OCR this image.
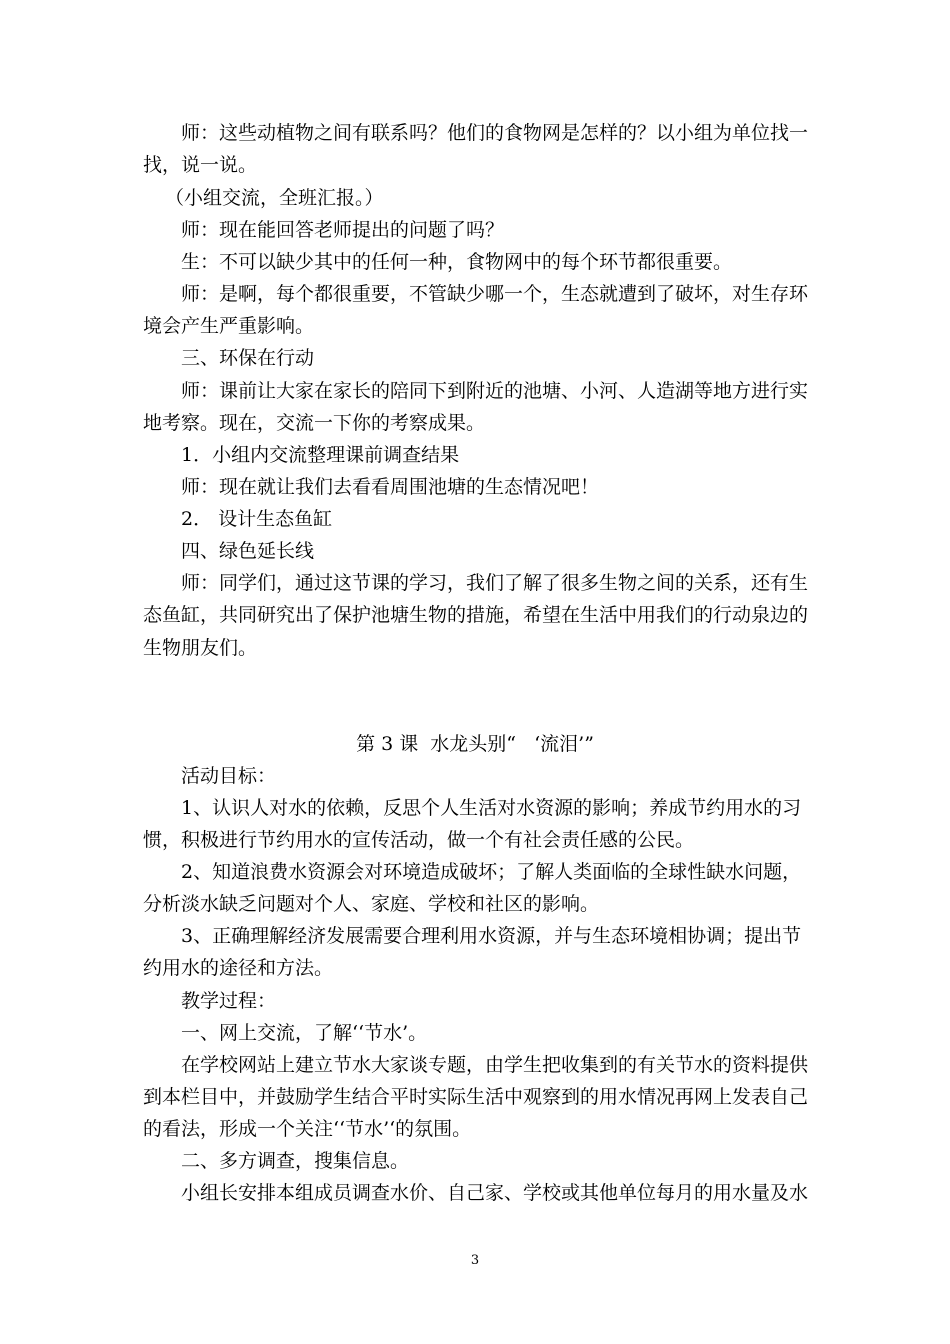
师：这些动植物之间有联系吗？他们的食物网是怎样的？以小组为单位找一
找，说一说。
（小组交流，全班汇报。）
师：现在能回答老师提出的问题了吗？
生：不可以缺少其中的任何一种，食物网中的每个环节都很重要。
师：是啊，每个都很重要，不管缺少哪一个，生态就遭到了破坏，对生存环
境会产生严重影响。
三、环保在行动
师：课前让大家在家长的陪同下到附近的池塘、小河、人造湖等地方进行实
地考察。现在，交流一下你的考察成果。
1．小组内交流整理课前调查结果
师：现在就让我们去看看周围池塘的生态情况吧！
2． 设计生态鱼缸
四、绿色延长线
师：同学们，通过这节课的学习，我们了解了很多生物之间的关系，还有生
态鱼缸，共同研究出了保护池塘生物的措施，希望在生活中用我们的行动泉边的
生物朋友们。
第 3 课  水龙头别“   ‘流泪’”
活动目标：
1、认识人对水的依赖，反思个人生活对水资源的影响；养成节约用水的习
惯，积极进行节约用水的宣传活动，做一个有社会责任感的公民。
2、知道浪费水资源会对环境造成破坏；了解人类面临的全球性缺水问题，
分析淡水缺乏问题对个人、家庭、学校和社区的影响。
3、正确理解经济发展需要合理利用水资源，并与生态环境相协调；提出节
约用水的途径和方法。
教学过程：
一、网上交流，了解‘‘节水’。
在学校网站上建立节水大家谈专题，由学生把收集到的有关节水的资料提供
到本栏目中，并鼓励学生结合平时实际生活中观察到的用水情况再网上发表自己
的看法，形成一个关注‘‘节水’‘的氛围。
二、多方调查，搜集信息。
小组长安排本组成员调查水价、自己家、学校或其他单位每月的用水量及水
3
